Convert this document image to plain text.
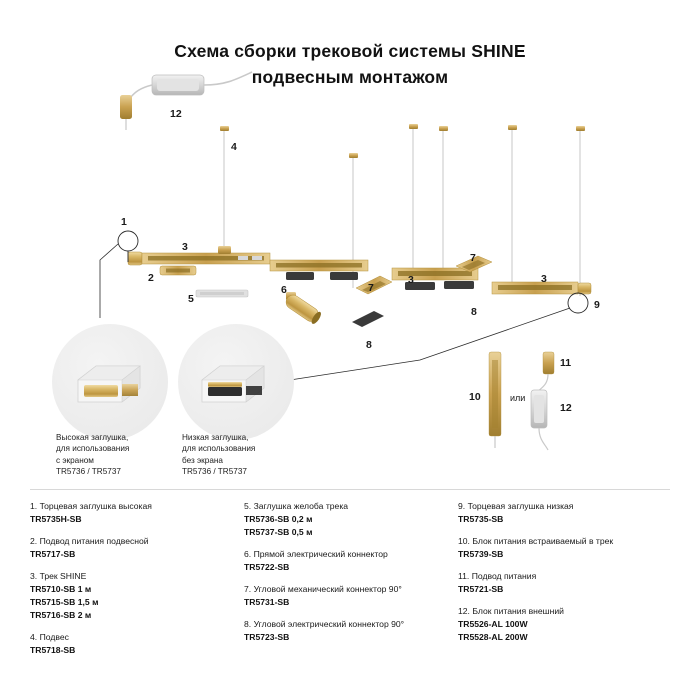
Схема сборки трековой системы SHINE
подвесным монтажом
1
2
3
4
5
6	7
3
7
8
8
3
9
10
11
12
12
или
Высокая заглушка,
для использования
с экраном
TR5736 / TR5737
Низкая заглушка,
для использования
без экрана
TR5736 / TR5737
1. Торцевая заглушка высокая
TR5735H-SB
2. Подвод питания подвесной
TR5717-SB
3. Трек SHINE
TR5710-SB 1 м
TR5715-SB 1,5 м
TR5716-SB 2 м
4. Подвес
TR5718-SB
5. Заглушка желоба трека
TR5736-SB 0,2 м
TR5737-SB 0,5 м
6. Прямой электрический коннектор
TR5722-SB
7. Угловой механический коннектор 90°
TR5731-SB
8. Угловой электрический коннектор 90°
TR5723-SB
9. Торцевая заглушка низкая
TR5735-SB
10. Блок питания встраиваемый в трек
TR5739-SB
11. Подвод питания
TR5721-SB
12. Блок питания внешний
TR5526-AL 100W
TR5528-AL 200W
